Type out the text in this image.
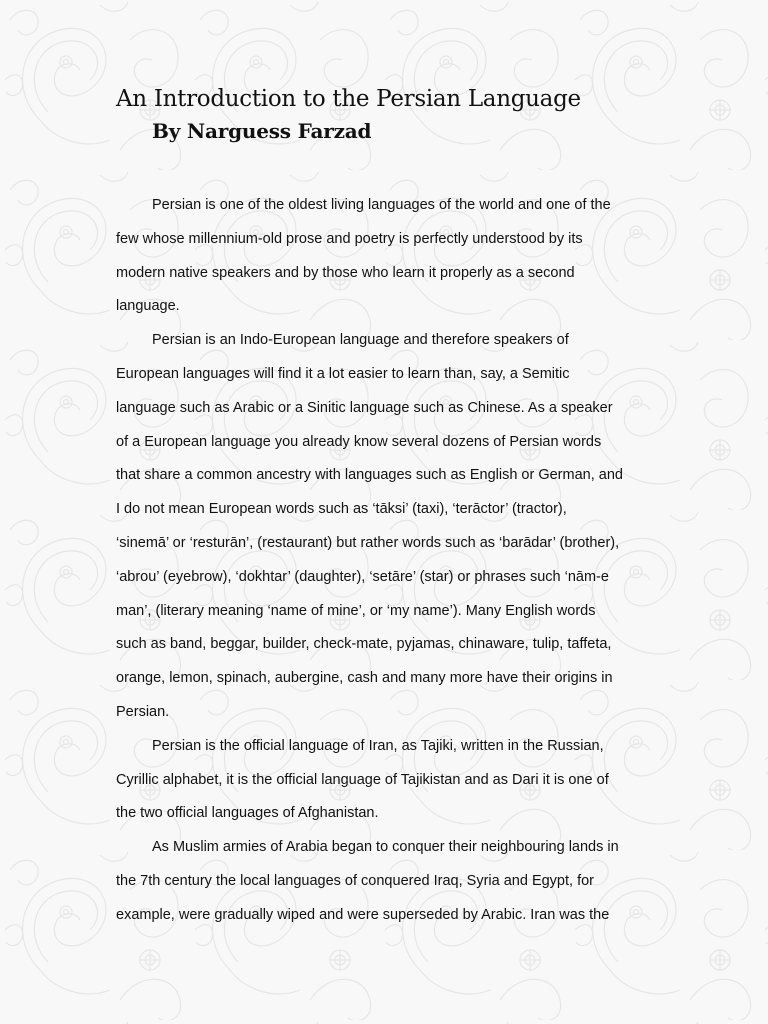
An Introduction to the Persian Language
By Narguess Farzad
Persian is one of the oldest living languages of the world and one of the
few whose millennium-old prose and poetry is perfectly understood by its
modern native speakers and by those who learn it properly as a second
language.
Persian is an Indo-European language and therefore speakers of
European languages will find it a lot easier to learn than, say, a Semitic
language such as Arabic or a Sinitic language such as Chinese. As a speaker
of a European language you already know several dozens of Persian words
that share a common ancestry with languages such as English or German, and
I do not mean European words such as ‘tāksi’ (taxi), ‘terāctor’ (tractor),
‘sinemā’ or ‘resturān’, (restaurant) but rather words such as ‘barādar’ (brother),
‘abrou’ (eyebrow), ‘dokhtar’ (daughter), ‘setāre’ (star) or phrases such ‘nām-e
man’, (literary meaning ‘name of mine’, or ‘my name’). Many English words
such as band, beggar, builder, check-mate, pyjamas, chinaware, tulip, taffeta,
orange, lemon, spinach, aubergine, cash and many more have their origins in
Persian.
Persian is the official language of Iran, as Tajiki, written in the Russian,
Cyrillic alphabet, it is the official language of Tajikistan and as Dari it is one of
the two official languages of Afghanistan.
As Muslim armies of Arabia began to conquer their neighbouring lands in
the 7th century the local languages of conquered Iraq, Syria and Egypt, for
example, were gradually wiped and were superseded by Arabic. Iran was the
